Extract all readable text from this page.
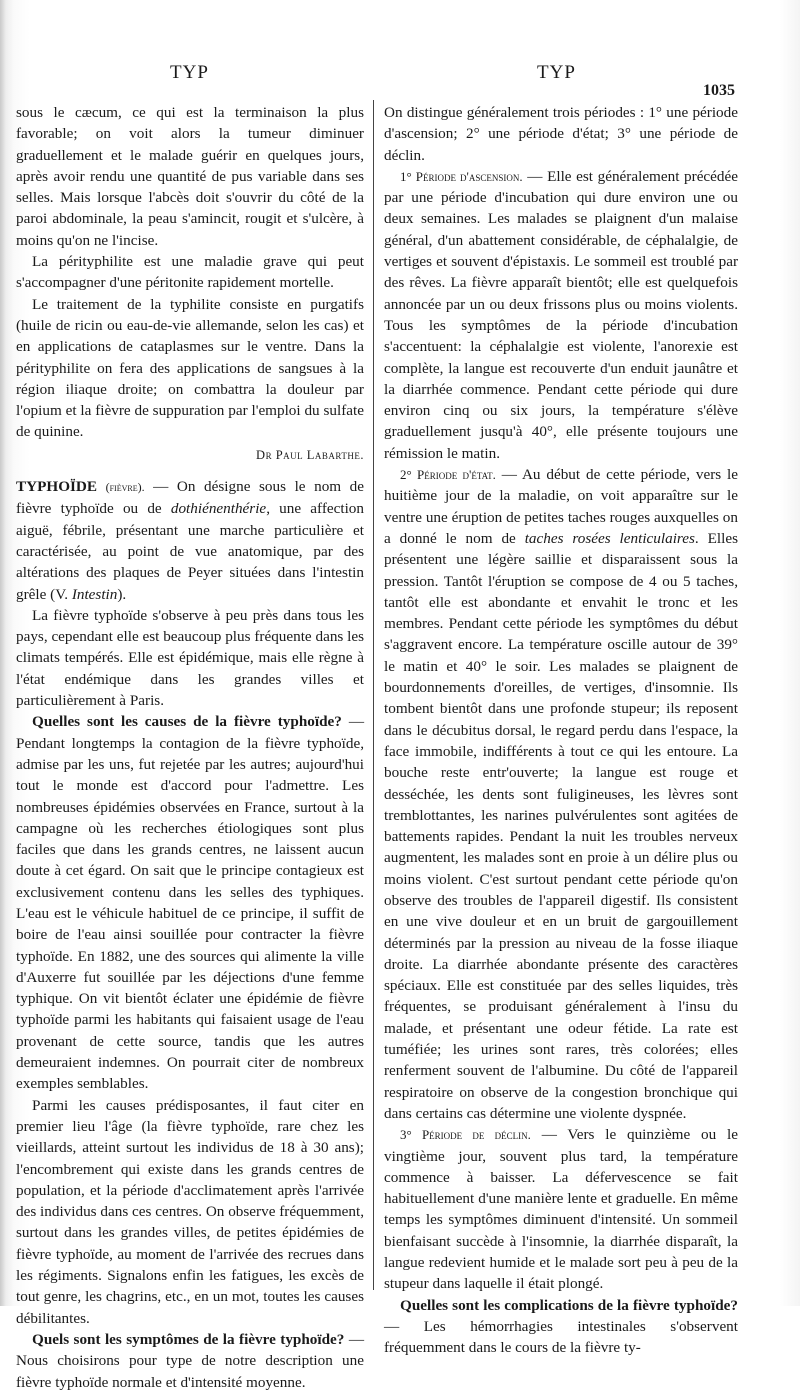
TYP	TYP
1035

sous le cæcum, ce qui est la terminaison la plus favorable; on voit alors la tumeur diminuer graduellement et le malade guérir en quelques jours, après avoir rendu une quantité de pus variable dans ses selles. Mais lorsque l'abcès doit s'ouvrir du côté de la paroi abdominale, la peau s'amincit, rougit et s'ulcère, à moins qu'on ne l'incise.

La pérityphilite est une maladie grave qui peut s'accompagner d'une péritonite rapidement mortelle.

Le traitement de la typhilite consiste en purgatifs (huile de ricin ou eau-de-vie allemande, selon les cas) et en applications de cataplasmes sur le ventre. Dans la pérityphilite on fera des applications de sangsues à la région iliaque droite; on combattra la douleur par l'opium et la fièvre de suppuration par l'emploi du sulfate de quinine.

Dr Paul Labarthe.

TYPHOÏDE (fièvre). — On désigne sous le nom de fièvre typhoïde ou de dothiénenthérie, une affection aiguë, fébrile, présentant une marche particulière et caractérisée, au point de vue anatomique, par des altérations des plaques de Peyer situées dans l'intestin grêle (V. Intestin).

La fièvre typhoïde s'observe à peu près dans tous les pays, cependant elle est beaucoup plus fréquente dans les climats tempérés. Elle est épidémique, mais elle règne à l'état endémique dans les grandes villes et particulièrement à Paris.

Quelles sont les causes de la fièvre typhoïde? — Pendant longtemps la contagion de la fièvre typhoïde, admise par les uns, fut rejetée par les autres; aujourd'hui tout le monde est d'accord pour l'admettre. Les nombreuses épidémies observées en France, surtout à la campagne où les recherches étiologiques sont plus faciles que dans les grands centres, ne laissent aucun doute à cet égard. On sait que le principe contagieux est exclusivement contenu dans les selles des typhiques. L'eau est le véhicule habituel de ce principe, il suffit de boire de l'eau ainsi souillée pour contracter la fièvre typhoïde. En 1882, une des sources qui alimente la ville d'Auxerre fut souillée par les déjections d'une femme typhique. On vit bientôt éclater une épidémie de fièvre typhoïde parmi les habitants qui faisaient usage de l'eau provenant de cette source, tandis que les autres demeuraient indemnes. On pourrait citer de nombreux exemples semblables.

Parmi les causes prédisposantes, il faut citer en premier lieu l'âge (la fièvre typhoïde, rare chez les vieillards, atteint surtout les individus de 18 à 30 ans); l'encombrement qui existe dans les grands centres de population, et la période d'acclimatement après l'arrivée des individus dans ces centres. On observe fréquemment, surtout dans les grandes villes, de petites épidémies de fièvre typhoïde, au moment de l'arrivée des recrues dans les régiments. Signalons enfin les fatigues, les excès de tout genre, les chagrins, etc., en un mot, toutes les causes débilitantes.

Quels sont les symptômes de la fièvre typhoïde? — Nous choisirons pour type de notre description une fièvre typhoïde normale et d'intensité moyenne.

On distingue généralement trois périodes : 1° une période d'ascension; 2° une période d'état; 3° une période de déclin.

1° Période d'ascension. — Elle est généralement précédée par une période d'incubation qui dure environ une ou deux semaines. Les malades se plaignent d'un malaise général, d'un abattement considérable, de céphalalgie, de vertiges et souvent d'épistaxis. Le sommeil est troublé par des rêves. La fièvre apparaît bientôt; elle est quelquefois annoncée par un ou deux frissons plus ou moins violents. Tous les symptômes de la période d'incubation s'accentuent: la céphalalgie est violente, l'anorexie est complète, la langue est recouverte d'un enduit jaunâtre et la diarrhée commence. Pendant cette période qui dure environ cinq ou six jours, la température s'élève graduellement jusqu'à 40°, elle présente toujours une rémission le matin.

2° Période d'état. — Au début de cette période, vers le huitième jour de la maladie, on voit apparaître sur le ventre une éruption de petites taches rouges auxquelles on a donné le nom de taches rosées lenticulaires. Elles présentent une légère saillie et disparaissent sous la pression. Tantôt l'éruption se compose de 4 ou 5 taches, tantôt elle est abondante et envahit le tronc et les membres. Pendant cette période les symptômes du début s'aggravent encore. La température oscille autour de 39° le matin et 40° le soir. Les malades se plaignent de bourdonnements d'oreilles, de vertiges, d'insomnie. Ils tombent bientôt dans une profonde stupeur; ils reposent dans le décubitus dorsal, le regard perdu dans l'espace, la face immobile, indifférents à tout ce qui les entoure. La bouche reste entr'ouverte; la langue est rouge et desséchée, les dents sont fuligineuses, les lèvres sont tremblottantes, les narines pulvérulentes sont agitées de battements rapides. Pendant la nuit les troubles nerveux augmentent, les malades sont en proie à un délire plus ou moins violent. C'est surtout pendant cette période qu'on observe des troubles de l'appareil digestif. Ils consistent en une vive douleur et en un bruit de gargouillement déterminés par la pression au niveau de la fosse iliaque droite. La diarrhée abondante présente des caractères spéciaux. Elle est constituée par des selles liquides, très fréquentes, se produisant généralement à l'insu du malade, et présentant une odeur fétide. La rate est tuméfiée; les urines sont rares, très colorées; elles renferment souvent de l'albumine. Du côté de l'appareil respiratoire on observe de la congestion bronchique qui dans certains cas détermine une violente dyspnée.

3° Période de déclin. — Vers le quinzième ou le vingtième jour, souvent plus tard, la température commence à baisser. La défervescence se fait habituellement d'une manière lente et graduelle. En même temps les symptômes diminuent d'intensité. Un sommeil bienfaisant succède à l'insomnie, la diarrhée disparaît, la langue redevient humide et le malade sort peu à peu de la stupeur dans laquelle il était plongé.

Quelles sont les complications de la fièvre typhoïde? — Les hémorrhagies intestinales s'observent fréquemment dans le cours de la fièvre ty-
